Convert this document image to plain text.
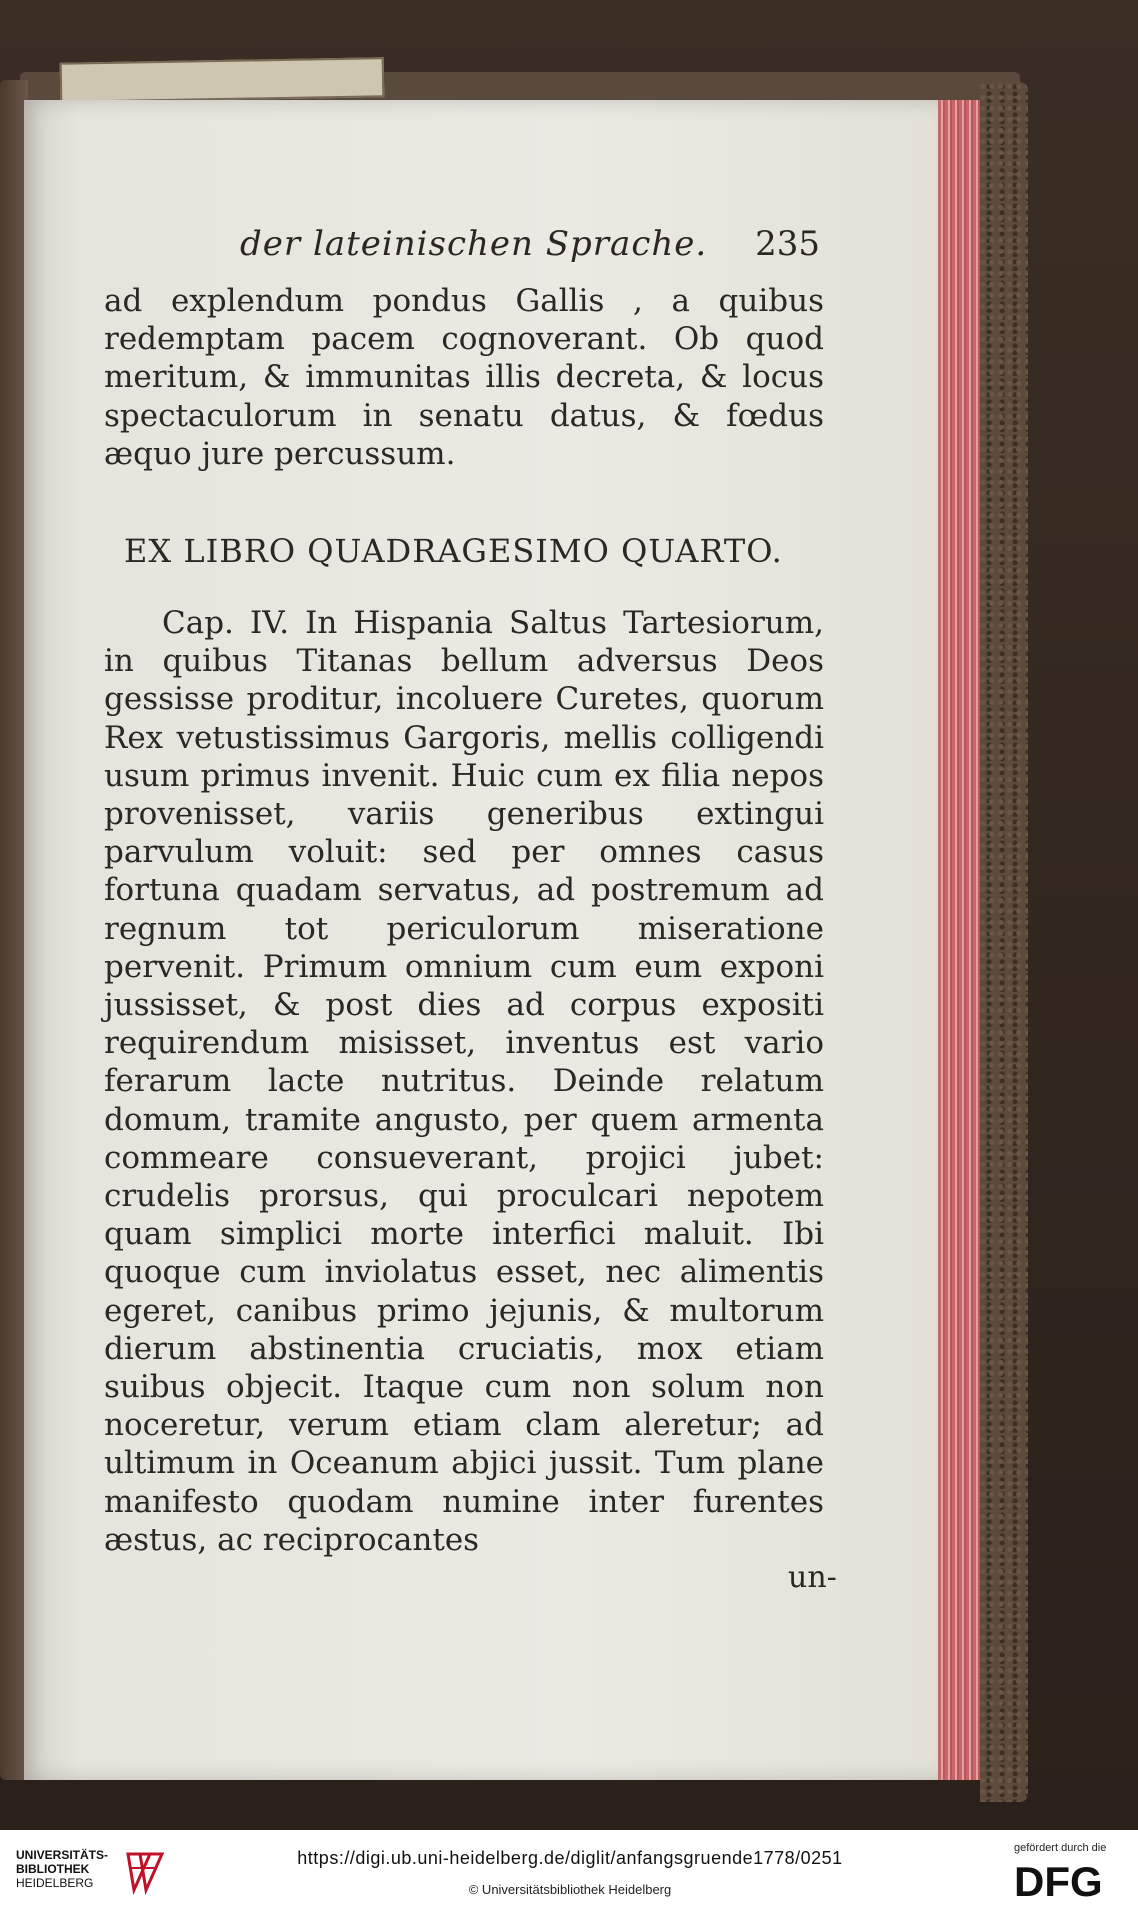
der lateinischen Sprache. 235
ad explendum pondus Gallis , a quibus redemptam pacem cognoverant. Ob quod meritum, & immunitas illis decreta, & locus spectaculorum in senatu datus, & fœdus æquo jure percussum.
EX LIBRO QUADRAGESIMO QUARTO.
Cap. IV. In Hispania Saltus Tartesiorum, in quibus Titanas bellum adversus Deos gessisse proditur, incoluere Curetes, quorum Rex vetustissimus Gargoris, mellis colligendi usum primus invenit. Huic cum ex filia nepos provenisset, variis generibus extingui parvulum voluit: sed per omnes casus fortuna quadam servatus, ad postremum ad regnum tot periculorum miseratione pervenit. Primum omnium cum eum exponi jussisset, & post dies ad corpus expositi requirendum misisset, inventus est vario ferarum lacte nutritus. Deinde relatum domum, tramite angusto, per quem armenta commeare consueverant, projici jubet: crudelis prorsus, qui proculcari nepotem quam simplici morte interfici maluit. Ibi quoque cum inviolatus esset, nec alimentis egeret, canibus primo jejunis, & multorum dierum abstinentia cruciatis, mox etiam suibus objecit. Itaque cum non solum non noceretur, verum etiam clam aleretur; ad ultimum in Oceanum abjici jussit. Tum plane manifesto quodam numine inter furentes æstus, ac reciprocantes
un-
UNIVERSITÄTS-
BIBLIOTHEK
HEIDELBERG
https://digi.ub.uni-heidelberg.de/diglit/anfangsgruende1778/0251
© Universitätsbibliothek Heidelberg
gefördert durch die
DFG
